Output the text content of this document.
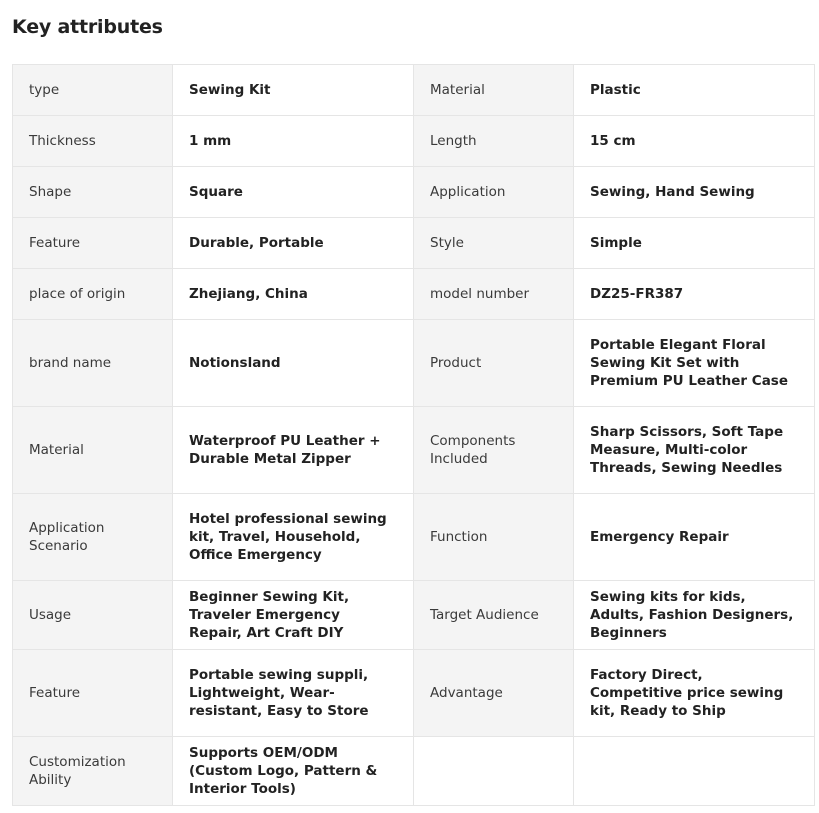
Key attributes
type	Sewing Kit	Material	Plastic
Thickness	1 mm	Length	15 cm
Shape	Square	Application	Sewing, Hand Sewing
Feature	Durable, Portable	Style	Simple
place of origin	Zhejiang, China	model number	DZ25-FR387
brand name	Notionsland	Product	Portable Elegant Floral Sewing Kit Set with Premium PU Leather Case
Material	Waterproof PU Leather + Durable Metal Zipper	Components Included	Sharp Scissors, Soft Tape Measure, Multi-color Threads, Sewing Needles
Application Scenario	Hotel professional sewing kit, Travel, Household, Office Emergency	Function	Emergency Repair
Usage	Beginner Sewing Kit, Traveler Emergency Repair, Art Craft DIY	Target Audience	Sewing kits for kids, Adults, Fashion Designers, Beginners
Feature	Portable sewing suppli, Lightweight, Wear-resistant, Easy to Store	Advantage	Factory Direct, Competitive price sewing kit, Ready to Ship
Customization Ability	Supports OEM/ODM (Custom Logo, Pattern & Interior Tools)		
